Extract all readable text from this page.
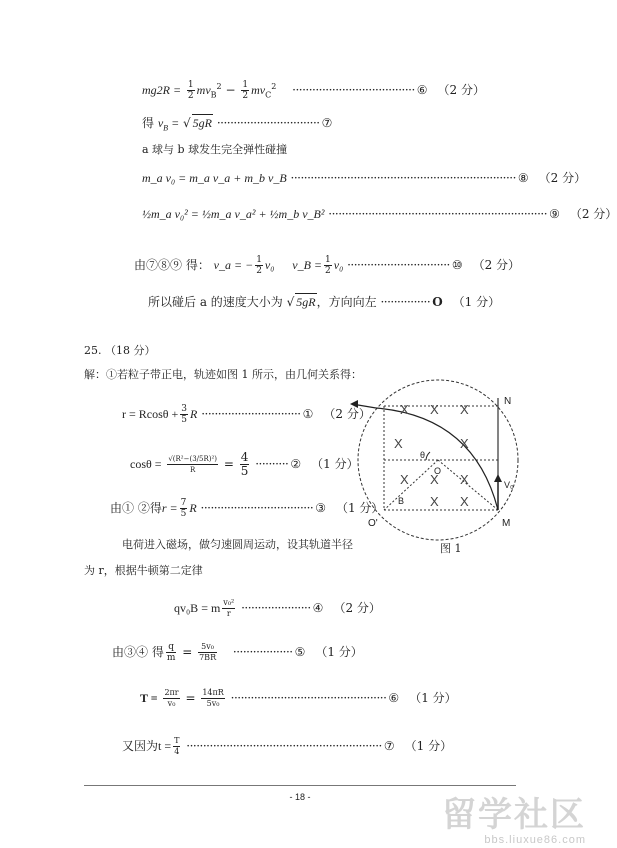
$mg2R = \frac{1}{2} mv_B^2 - \frac{1}{2} mv_C^2$ ····································· ⑥ （2 分）
得 $v_B$ = √ 5gR ······························· ⑦
a 球与 b 球发生完全弹性碰撞
m_a v₀ = m_a v_a + m_b v_B ···································································· ⑧ （2 分）
½m_a v₀² = ½m_a v_a² + ½m_b v_B² ·································································· ⑨ （2 分）
由⑦⑧⑨ 得： v_a = − $\frac{1}{2} v_0$ v_B = $\frac{1}{2} v_0$ ······························· ⑩ （2 分）
所以碰后 a 的速度大小为 √ 5gR，方向向左 ··············· O （1 分）
25. （18 分）
解：①若粒子带正电，轨迹如图 1 所示，由几何关系得：
$r = Rcos\theta + \frac{3}{5}$ R ······························ ① （2 分）
$\cos\theta = \frac{\text{√(R²−(3/5R)²)}}{R} = \frac{4}{5}$ ·········· ② （1 分）
由① ②得$r = \frac{7}{5}$ R ·································· ③ （1 分）
电荷进入磁场，做匀速圆周运动，设其轨道半径
为 r，根据牛顿第二定律
qv₀B = m $\frac{\text{v₀²}}{r}$ ····················· ④ （2 分）
由③④ 得 $\frac{q}{m} = \frac{\text{5v₀}}{7BR}$ ·················· ⑤ （1 分）
$T = \frac{2\pi r}{\text{v₀}} = \frac{14\pi R}{\text{5v₀}}$ ··············································· ⑥ （1 分）
又因为$t = \frac{T}{4}$ ··························································· ⑦ （1 分）
X X X
X	X
X X X
X X
N
M
O'
O
B
θ
V₀
图 1
- 18 -	留学社区
bbs.liuxue86.com
